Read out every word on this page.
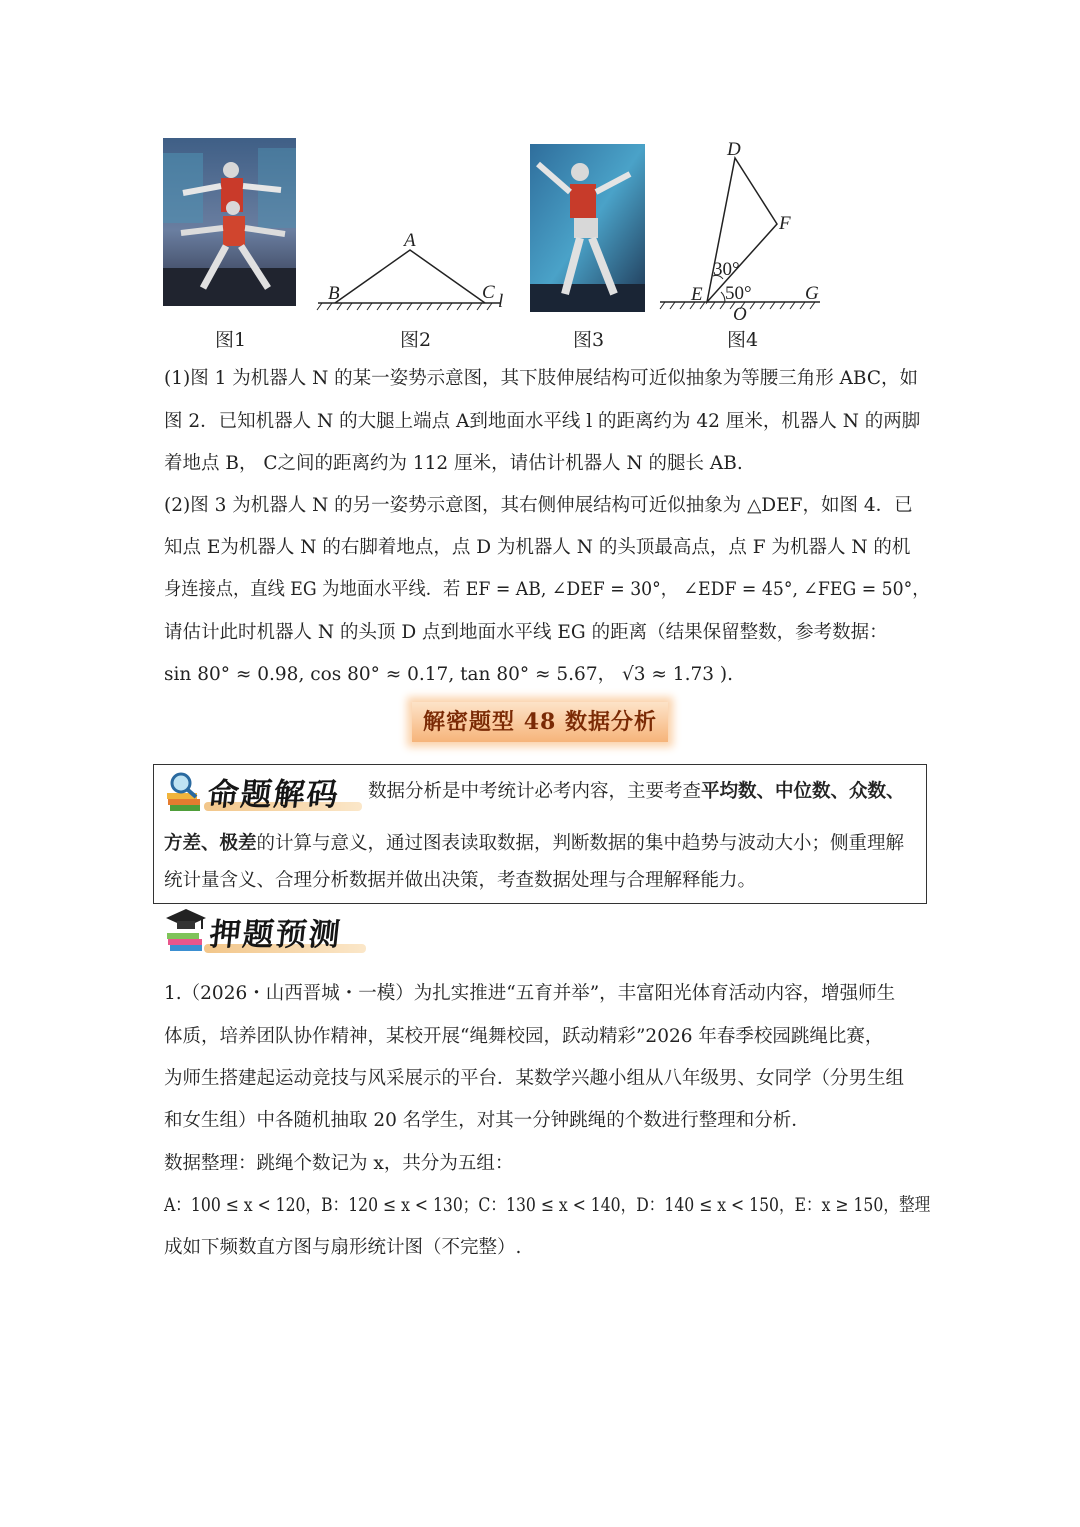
图1
A
B	C l
图2	图3
D
F
E	G
O
30°
50°
图4
(1)图 1 为机器人 N 的某一姿势示意图，其下肢伸展结构可近似抽象为等腰三角形 ABC，如
图 2．已知机器人 N 的大腿上端点 A到地面水平线 l 的距离约为 42 厘米，机器人 N 的两脚
着地点 B， C之间的距离约为 112 厘米，请估计机器人 N 的腿长 AB.
(2)图 3 为机器人 N 的另一姿势示意图，其右侧伸展结构可近似抽象为 △DEF，如图 4．已
知点 E为机器人 N 的右脚着地点，点 D 为机器人 N 的头顶最高点，点 F 为机器人 N 的机
身连接点，直线 EG 为地面水平线．若 EF = AB, ∠DEF = 30°， ∠EDF = 45°, ∠FEG = 50°，
请估计此时机器人 N 的头顶 D 点到地面水平线 EG 的距离（结果保留整数，参考数据：
sin 80° ≈ 0.98, cos 80° ≈ 0.17, tan 80° ≈ 5.67， √3 ≈ 1.73 ).
解密题型 48 数据分析
命题解码 数据分析是中考统计必考内容，主要考查平均数、中位数、众数、
方差、极差的计算与意义，通过图表读取数据，判断数据的集中趋势与波动大小；侧重理解
统计量含义、合理分析数据并做出决策，考查数据处理与合理解释能力。
押题预测
1.（2026・山西晋城・一模）为扎实推进“五育并举”，丰富阳光体育活动内容，增强师生
体质，培养团队协作精神，某校开展“绳舞校园，跃动精彩”2026 年春季校园跳绳比赛，
为师生搭建起运动竞技与风采展示的平台．某数学兴趣小组从八年级男、女同学（分男生组
和女生组）中各随机抽取 20 名学生，对其一分钟跳绳的个数进行整理和分析．
数据整理：跳绳个数记为 x，共分为五组：
A：100 ≤ x < 120，B：120 ≤ x < 130；C：130 ≤ x < 140，D：140 ≤ x < 150，E：x ≥ 150，整理
成如下频数直方图与扇形统计图（不完整）.
